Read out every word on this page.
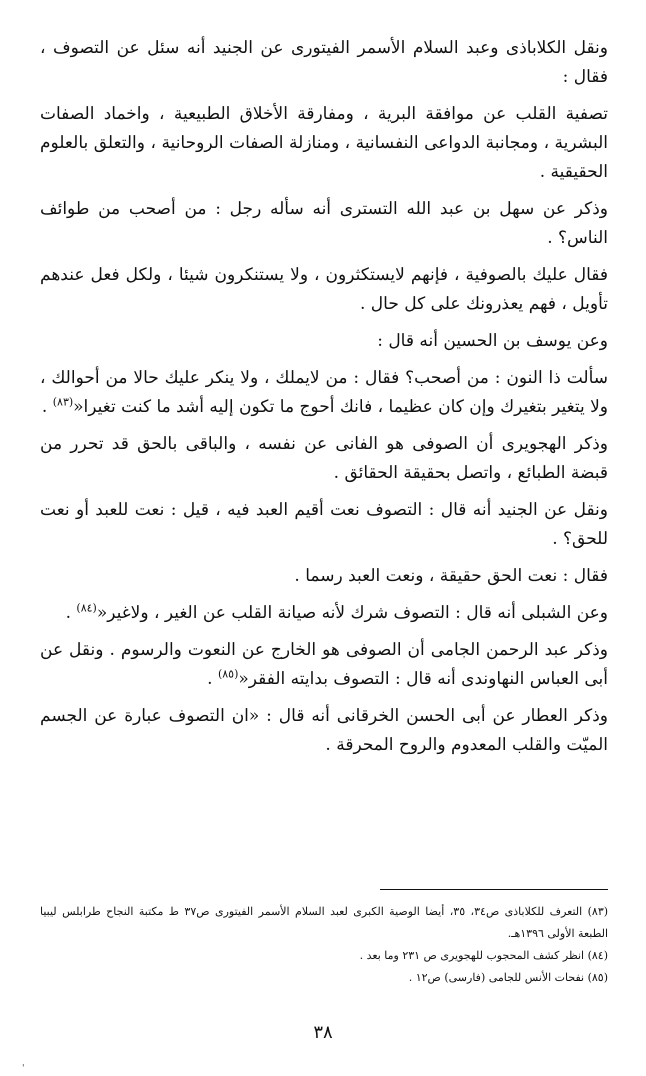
ونقل الكلاباذى وعبد السلام الأسمر الفيتورى عن الجنيد أنه سئل عن التصوف ، فقال :

تصفية القلب عن موافقة البرية ، ومفارقة الأخلاق الطبيعية ، واخماد الصفات البشرية ، ومجانبة الدواعى النفسانية ، ومنازلة الصفات الروحانية ، والتعلق بالعلوم الحقيقية .

وذكر عن سهل بن عبد الله التسترى أنه سأله رجل : من أصحب من طوائف الناس؟ .

فقال عليك بالصوفية ، فإنهم لايستكثرون ، ولا يستنكرون شيئا ، ولكل فعل عندهم تأويل ، فهم يعذرونك على كل حال .

وعن يوسف بن الحسين أنه قال :

سألت ذا النون : من أصحب؟ فقال : من لايملك ، ولا ينكر عليك حالا من أحوالك ، ولا يتغير بتغيرك وإن كان عظيما ، فانك أحوج ما تكون إليه أشد ما كنت تغيرا«$^{(٨٣)}$ .

وذكر الهجويرى أن الصوفى هو الفانى عن نفسه ، والباقى بالحق قد تحرر من قبضة الطبائع ، واتصل بحقيقة الحقائق .

ونقل عن الجنيد أنه قال : التصوف نعت أقيم العبد فيه ، قيل : نعت للعبد أو نعت للحق؟ .

فقال : نعت الحق حقيقة ، ونعت العبد رسما .

وعن الشبلى أنه قال : التصوف شرك لأنه صيانة القلب عن الغير ، ولاغير«$^{(٨٤)}$ .

وذكر عبد الرحمن الجامى أن الصوفى هو الخارج عن النعوت والرسوم . ونقل عن أبى العباس النهاوندى أنه قال : التصوف بدايته الفقر«$^{(٨٥)}$ .

وذكر العطار عن أبى الحسن الخرقانى أنه قال : «ان التصوف عبارة عن الجسم الميّت والقلب المعدوم والروح المحرقة .

(٨٣) التعرف للكلاباذى ص٣٤، ٣٥، أيضا الوصية الكبرى لعبد السلام الأسمر الفيتورى ص٣٧ ط مكتبة النجاح طرابلس ليبيا الطبعة الأولى ١٣٩٦هـ.

(٨٤) انظر كشف المحجوب للهجويرى ص ٢٣١ وما بعد .

(٨٥) نفحات الأنس للجامى (فارسى) ص١٢ .

٣٨
'
